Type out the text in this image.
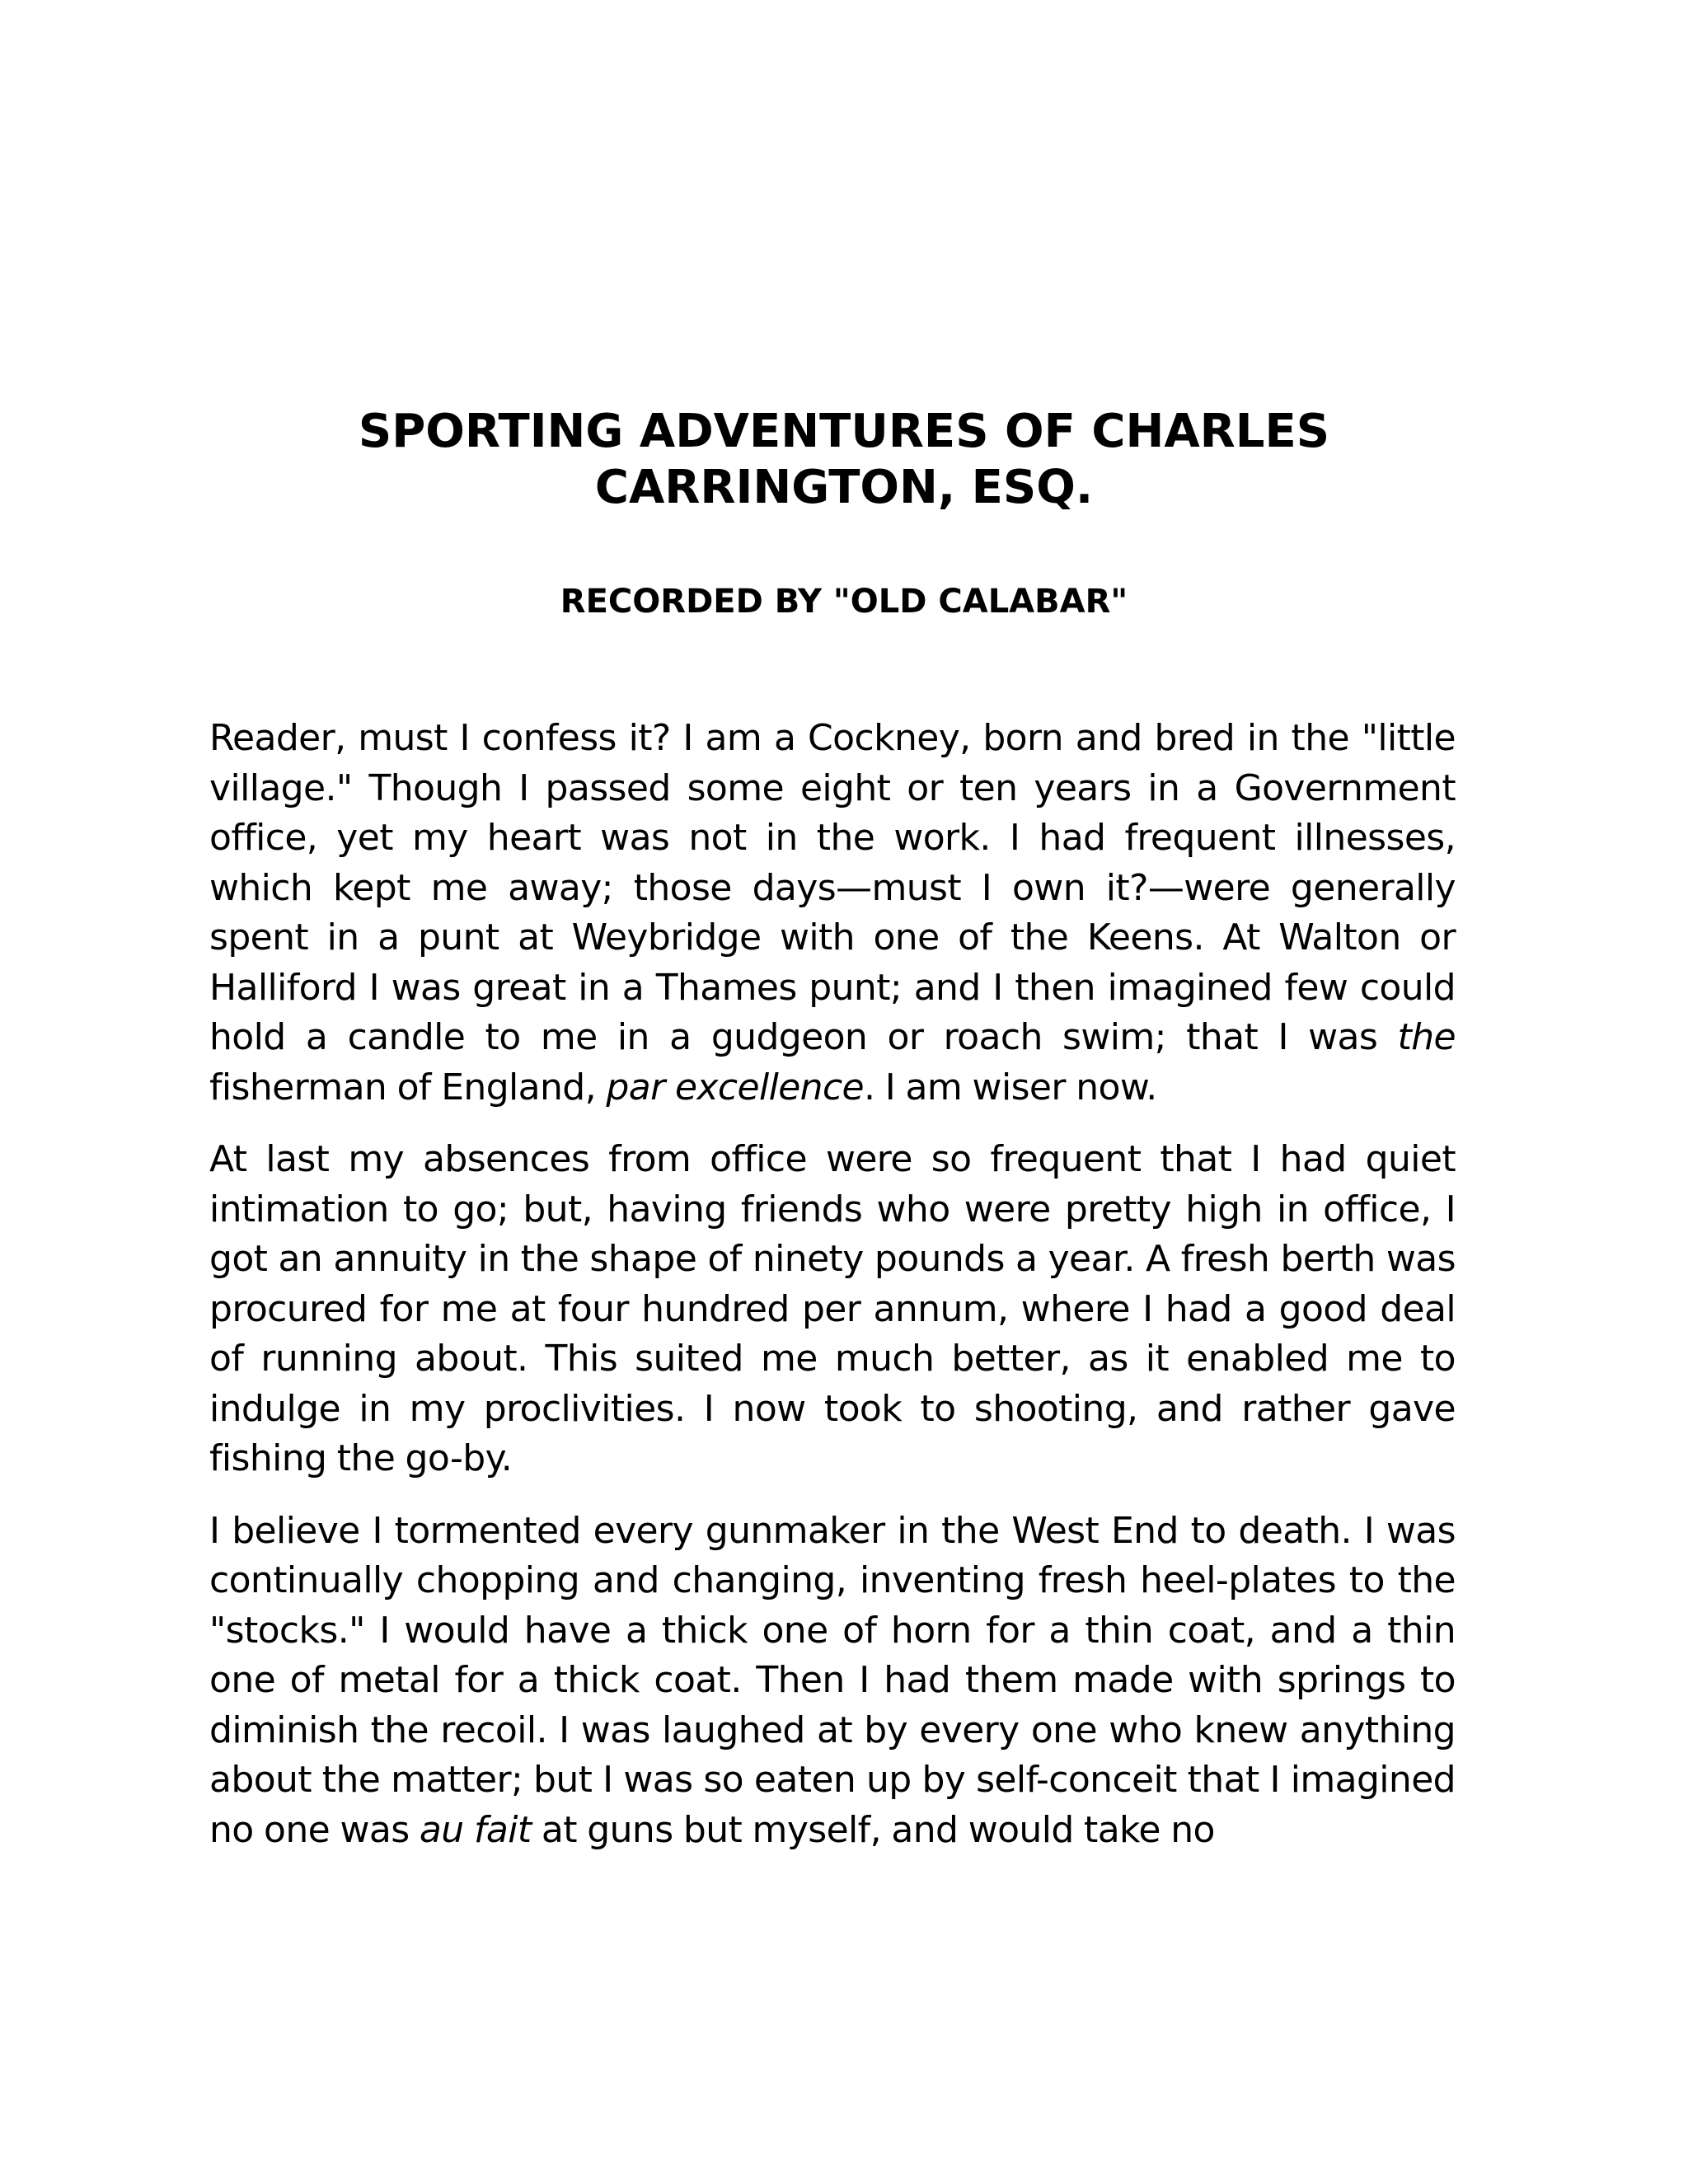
SPORTING ADVENTURES OF CHARLES CARRINGTON, ESQ.
RECORDED BY "OLD CALABAR"

Reader, must I confess it? I am a Cockney, born and bred in the "little village." Though I passed some eight or ten years in a Government office, yet my heart was not in the work. I had frequent illnesses, which kept me away; those days—must I own it?—were generally spent in a punt at Weybridge with one of the Keens. At Walton or Halliford I was great in a Thames punt; and I then imagined few could hold a candle to me in a gudgeon or roach swim; that I was the fisherman of England, par excellence. I am wiser now.

At last my absences from office were so frequent that I had quiet intimation to go; but, having friends who were pretty high in office, I got an annuity in the shape of ninety pounds a year. A fresh berth was procured for me at four hundred per annum, where I had a good deal of running about. This suited me much better, as it enabled me to indulge in my proclivities. I now took to shooting, and rather gave fishing the go-by.

I believe I tormented every gunmaker in the West End to death. I was continually chopping and changing, inventing fresh heel-plates to the "stocks." I would have a thick one of horn for a thin coat, and a thin one of metal for a thick coat. Then I had them made with springs to diminish the recoil. I was laughed at by every one who knew anything about the matter; but I was so eaten up by self-conceit that I imagined no one was au fait at guns but myself, and would take no
